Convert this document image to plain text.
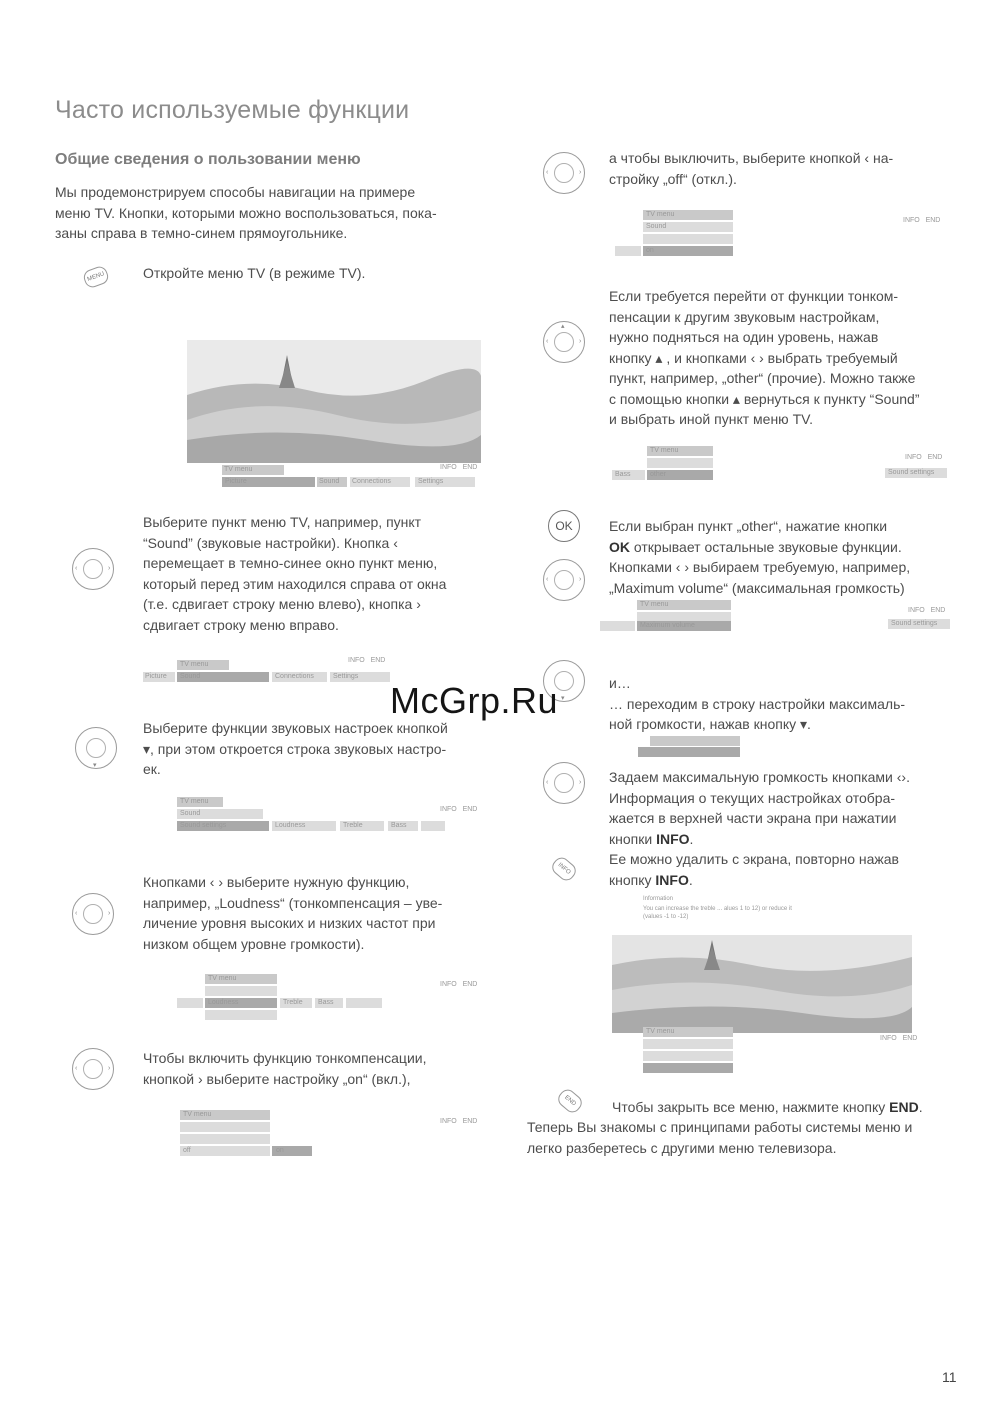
Часто используемые функции
Общие сведения о пользовании меню
Мы продемонстрируем способы навигации на примере
меню TV. Кнопки, которыми можно воспользоваться, пока-
заны справа в темно-синем прямоугольнике.
MENU	Откройте меню TV (в режиме TV).
TV menu	INFO END
Picture	Sound Connections	Settings
‹	›
Выберите пункт меню TV, например, пункт
“Sound” (звуковые настройки). Кнопка ‹
перемещает в темно-синее окно пункт меню,
который перед этим находился справа от окна
(т.е. сдвигает строку меню влево), кнопка ›
сдвигает строку меню вправо.
TV menu
INFO END
Picture Sound	Connections	Settings
▾
Выберите функции звуковых настроек кнопкой
▾, при этом откроется строка звуковых настро-
ек.
TV menu
INFO END
Sound
Sound settings	Loudness	Treble	Bass
‹	›
Кнопками ‹ › выберите нужную функцию,
например, „Loudness“ (тонкомпенсация – уве-
личение уровня высоких и низких частот при
низком общем уровне громкости).
TV menu
INFO END
Loudness	Treble Bass
‹	›
Чтобы включить функцию тонкомпенсации,
кнопкой › выберите настройку „on“ (вкл.),
TV menu
INFO END
off	on
‹	›
а чтобы выключить, выберите кнопкой ‹ на-
стройку „off“ (откл.).
TV menu
INFO END
Sound
on
▴
‹	›
Если требуется перейти от функции тонком-
пенсации к другим звуковым настройкам,
нужно подняться на один уровень, нажав
кнопку ▴ , и кнопками ‹ › выбрать требуемый
пункт, например, „other“ (прочие). Можно также
с помощью кнопки ▴ вернуться к пункту “Sound”
и выбрать иной пункт меню TV.
TV menu
INFO END
Bass	other	Sound settings
OK
‹	›
Если выбран пункт „other“, нажатие кнопки
OK открывает остальные звуковые функции.
Кнопками ‹ › выбираем требуемую, например,
„Maximum volume“ (максимальная громкость)
TV menu
INFO END
Maximum volume	Sound settings
▾
и…
… переходим в строку настройки максималь-
ной громкости, нажав кнопку ▾.
‹	›
INFO
Задаем максимальную громкость кнопками ‹›.
Информация о текущих настройках отобра-
жается в верхней части экрана при нажатии
кнопки INFO.
Ее можно удалить с экрана, повторно нажав
кнопку INFO.
Information
You can increase the treble ... alues 1 to 12) or reduce it
(values -1 to -12)
TV menu
INFO END
END	Чтобы закрыть все меню, нажмите кнопку END.
Теперь Вы знакомы с принципами работы системы меню и
легко разберетесь с другими меню телевизора.
McGrp.Ru
11
